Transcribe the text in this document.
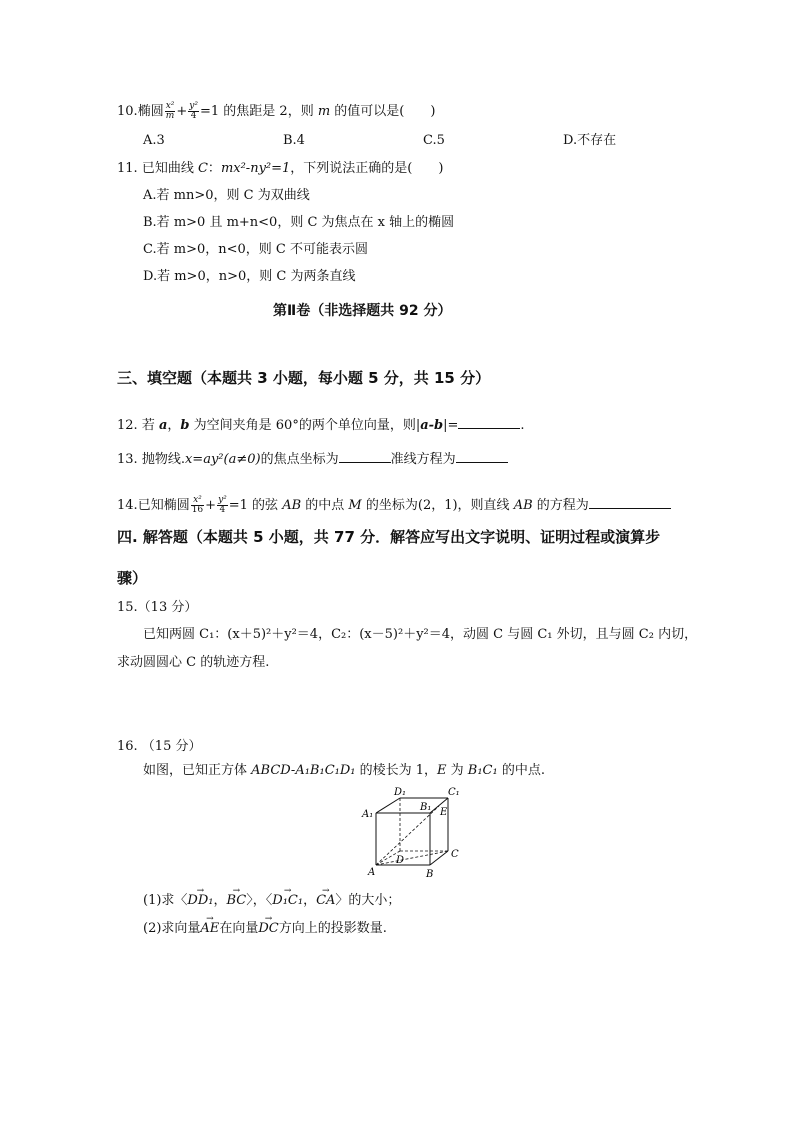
10.椭圆 $\frac{\text{x²}}{m} + \frac{\text{y²}}{4} =1$ 的焦距是 2，则 m 的值可以是(　　)
A.3	B.4	C.5	D.不存在
11. 已知曲线 C：mx²-ny²=1，下列说法正确的是(　　)
A.若 mn>0，则 C 为双曲线
B.若 m>0 且 m+n<0，则 C 为焦点在 x 轴上的椭圆
C.若 m>0，n<0，则 C 不可能表示圆
D.若 m>0，n>0，则 C 为两条直线
第Ⅱ卷（非选择题共 92 分）
三、填空题（本题共 3 小题，每小题 5 分，共 15 分）
12. 若 a，b 为空间夹角是 60°的两个单位向量，则|a-b|=	.
13. 抛物线.x=ay²(a≠0)的焦点坐标为	准线方程为
14.已知椭圆 $\frac{\text{x²}}{16} + \frac{\text{y²}}{4} =1$ 的弦 AB 的中点 M 的坐标为(2，1)，则直线 AB 的方程为
四. 解答题（本题共 5 小题，共 77 分．解答应写出文字说明、证明过程或演算步
骤）
15.（13 分）
已知两圆 C₁：(x＋5)²＋y²＝4，C₂：(x－5)²＋y²＝4，动圆 C 与圆 C₁ 外切，且与圆 C₂ 内切，
求动圆圆心 C 的轨迹方程.
16. （15 分）
如图，已知正方体 ABCD-A₁B₁C₁D₁ 的棱长为 1，E 为 B₁C₁ 的中点.
D₁
B₁
C₁
A₁	E
A
D
C
B
(1)求〈→ DD₁，→ BC〉，〈→ D₁C₁，→ CA〉的大小；
(2)求向量→ AE在向量→ DC方向上的投影数量.
